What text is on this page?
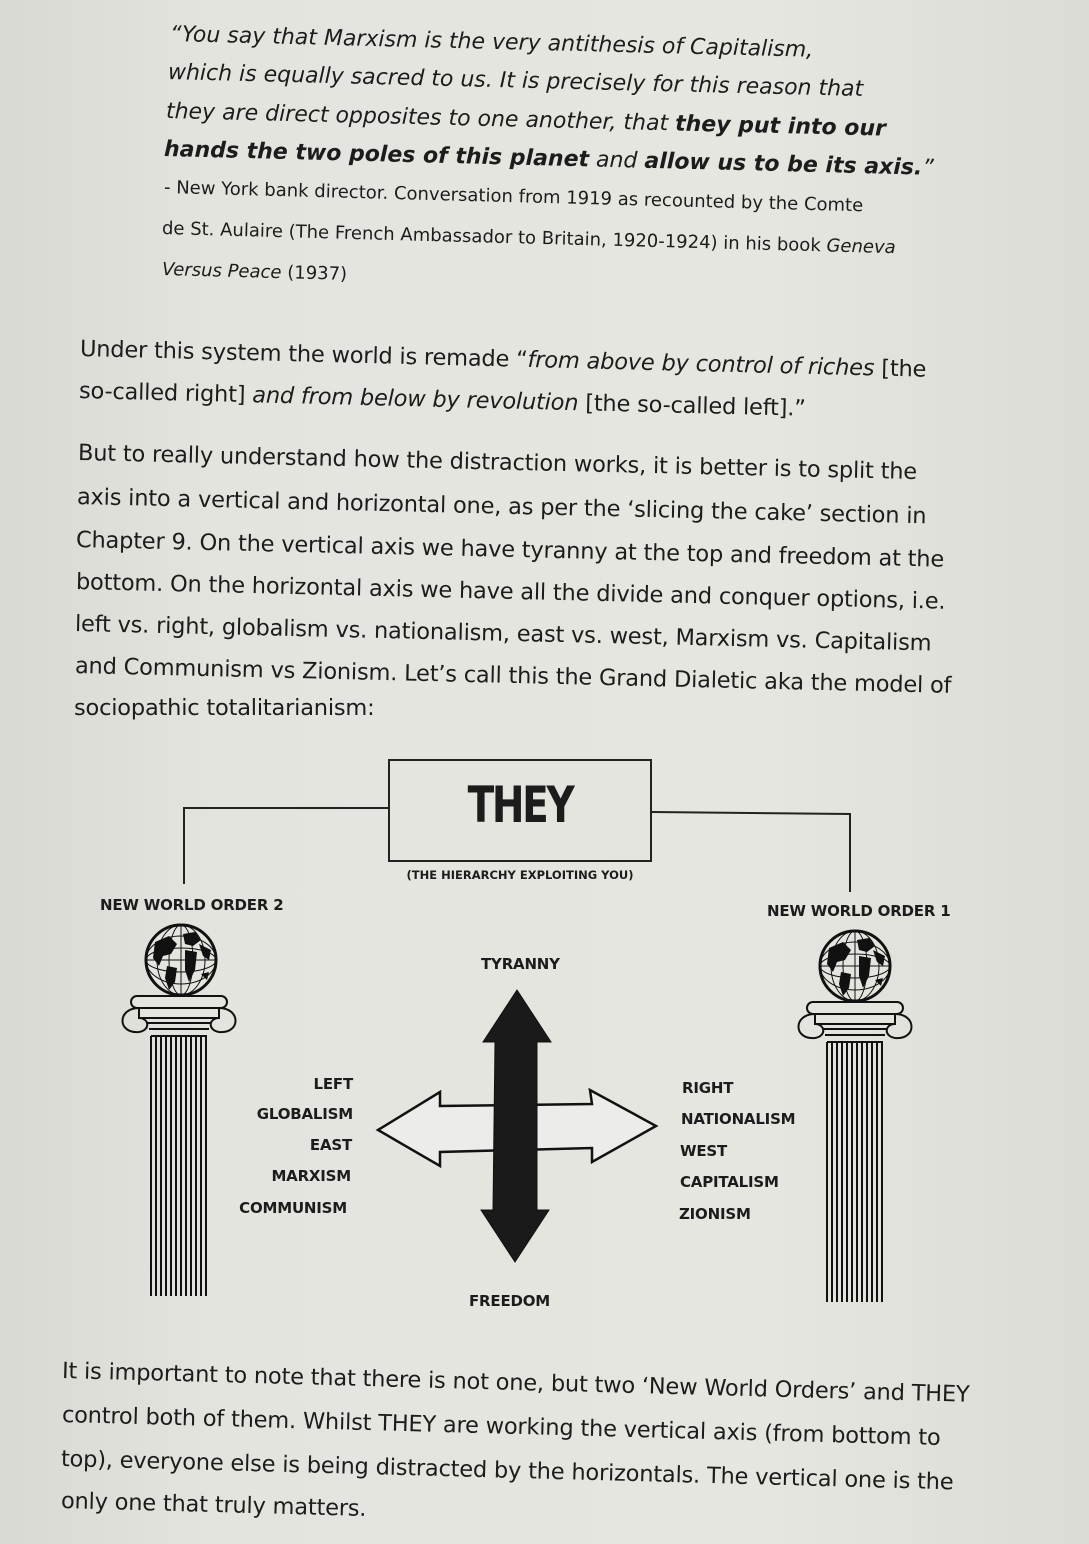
“You say that Marxism is the very antithesis of Capitalism,
which is equally sacred to us. It is precisely for this reason that
they are direct opposites to one another, that they put into our
hands the two poles of this planet and allow us to be its axis.”
- New York bank director. Conversation from 1919 as recounted by the Comte
de St. Aulaire (The French Ambassador to Britain, 1920-1924) in his book Geneva
Versus Peace (1937)
Under this system the world is remade “from above by control of riches [the
so-called right] and from below by revolution [the so-called left].”
But to really understand how the distraction works, it is better is to split the
axis into a vertical and horizontal one, as per the ‘slicing the cake’ section in
Chapter 9. On the vertical axis we have tyranny at the top and freedom at the
bottom. On the horizontal axis we have all the divide and conquer options, i.e.
left vs. right, globalism vs. nationalism, east vs. west, Marxism vs. Capitalism
and Communism vs Zionism. Let’s call this the Grand Dialetic aka the model of
sociopathic totalitarianism:
THEY
(THE HIERARCHY EXPLOITING YOU)
NEW WORLD ORDER 2	NEW WORLD ORDER 1
TYRANNY
FREEDOM
LEFT
GLOBALISM
EAST
MARXISM
COMMUNISM
RIGHT
NATIONALISM
WEST
CAPITALISM
ZIONISM
It is important to note that there is not one, but two ‘New World Orders’ and THEY
control both of them. Whilst THEY are working the vertical axis (from bottom to
top), everyone else is being distracted by the horizontals. The vertical one is the
only one that truly matters.
